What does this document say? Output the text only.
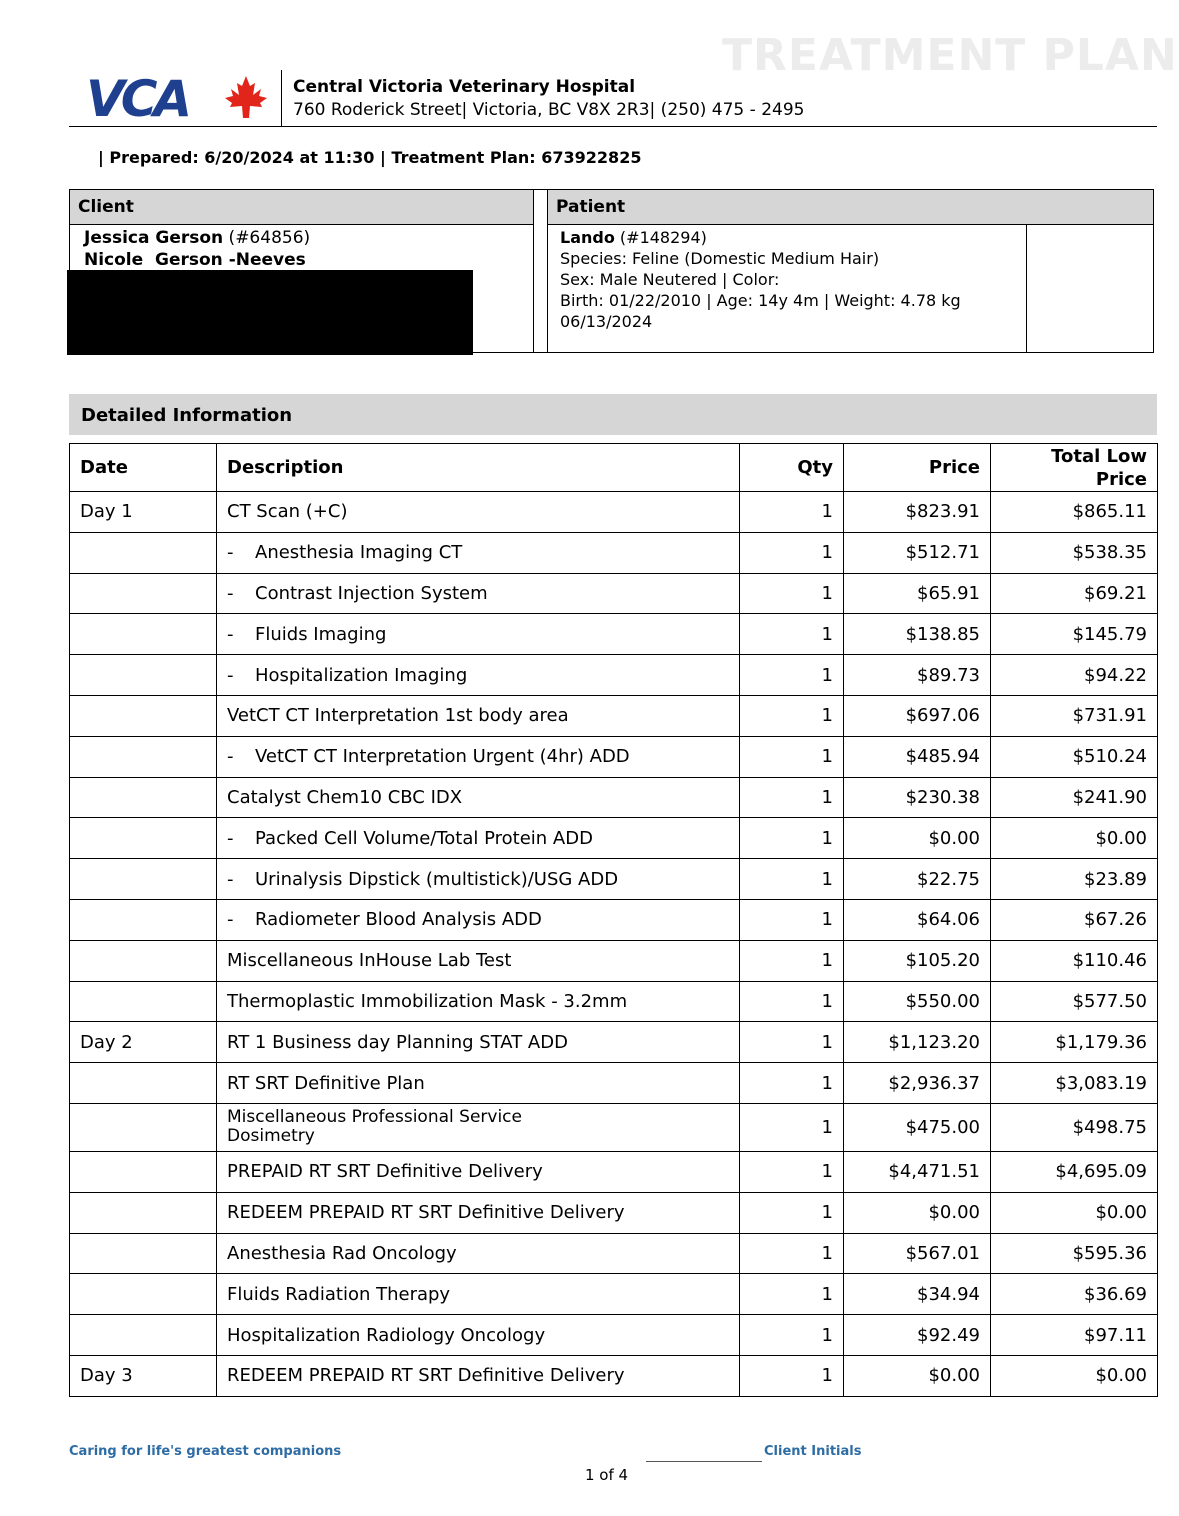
TREATMENT PLAN
VCA	Central Victoria Veterinary Hospital
760 Roderick Street| Victoria, BC V8X 2R3| (250) 475 - 2495
| Prepared: 6/20/2024 at 11:30 | Treatment Plan: 673922825
Client	Patient
Jessica Gerson (#64856)
Nicole  Gerson -Neeves
Lando (#148294)
Species: Feline (Domestic Medium Hair)
Sex: Male Neutered | Color:
Birth: 01/22/2010 | Age: 14y 4m | Weight: 4.78 kg
06/13/2024
Detailed Information
Date	Description	Qty	Price	Total Low
Price
Day 1	CT Scan (+C)	1	$823.91	$865.11
	- Anesthesia Imaging CT	1	$512.71	$538.35
	- Contrast Injection System	1	$65.91	$69.21
	- Fluids Imaging	1	$138.85	$145.79
	- Hospitalization Imaging	1	$89.73	$94.22
	VetCT CT Interpretation 1st body area	1	$697.06	$731.91
	- VetCT CT Interpretation Urgent (4hr) ADD	1	$485.94	$510.24
	Catalyst Chem10 CBC IDX	1	$230.38	$241.90
	- Packed Cell Volume/Total Protein ADD	1	$0.00	$0.00
	- Urinalysis Dipstick (multistick)/USG ADD	1	$22.75	$23.89
	- Radiometer Blood Analysis ADD	1	$64.06	$67.26
	Miscellaneous InHouse Lab Test	1	$105.20	$110.46
	Thermoplastic Immobilization Mask - 3.2mm	1	$550.00	$577.50
Day 2	RT 1 Business day Planning STAT ADD	1	$1,123.20	$1,179.36
	RT SRT Definitive Plan	1	$2,936.37	$3,083.19
	Miscellaneous Professional Service
Dosimetry	1	$475.00	$498.75
	PREPAID RT SRT Definitive Delivery	1	$4,471.51	$4,695.09
	REDEEM PREPAID RT SRT Definitive Delivery	1	$0.00	$0.00
	Anesthesia Rad Oncology	1	$567.01	$595.36
	Fluids Radiation Therapy	1	$34.94	$36.69
	Hospitalization Radiology Oncology	1	$92.49	$97.11
Day 3	REDEEM PREPAID RT SRT Definitive Delivery	1	$0.00	$0.00
Caring for life's greatest companions	Client Initials
1 of 4
